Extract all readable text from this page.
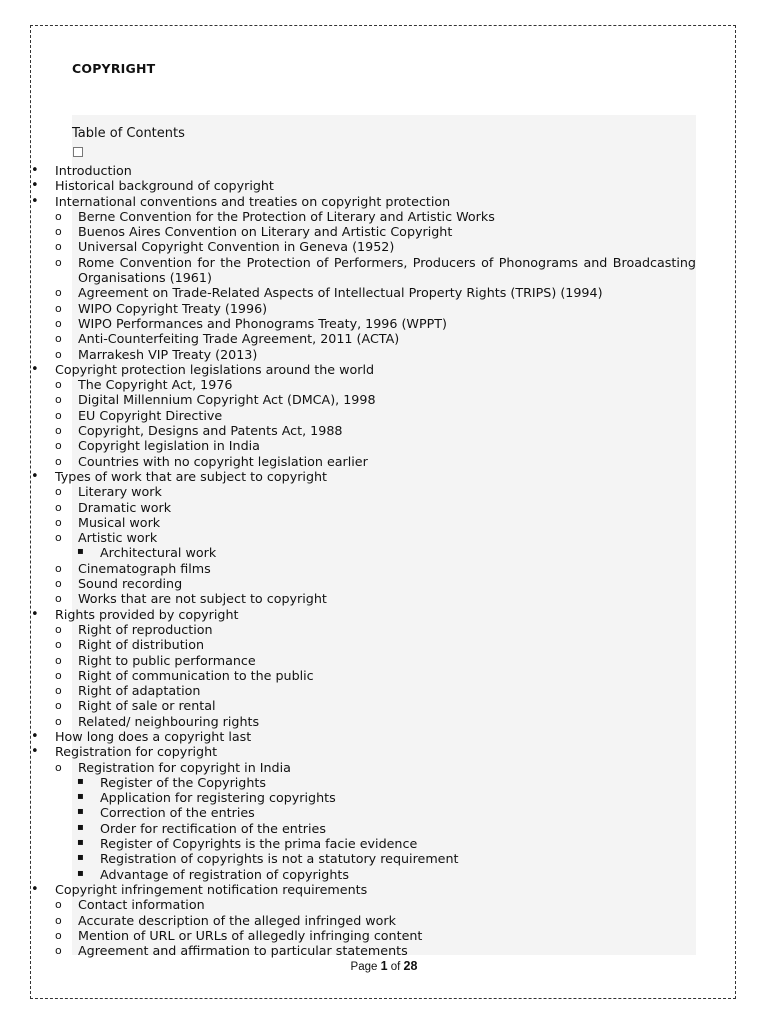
COPYRIGHT
Table of Contents
• Introduction
• Historical background of copyright
• International conventions and treaties on copyright protection
o Berne Convention for the Protection of Literary and Artistic Works
o Buenos Aires Convention on Literary and Artistic Copyright
o Universal Copyright Convention in Geneva (1952)
o Rome Convention for the Protection of Performers, Producers of Phonograms and Broadcasting Organisations (1961)
o Agreement on Trade-Related Aspects of Intellectual Property Rights (TRIPS) (1994)
o WIPO Copyright Treaty (1996)
o WIPO Performances and Phonograms Treaty, 1996 (WPPT)
o Anti-Counterfeiting Trade Agreement, 2011 (ACTA)
o Marrakesh VIP Treaty (2013)
• Copyright protection legislations around the world
o The Copyright Act, 1976
o Digital Millennium Copyright Act (DMCA), 1998
o EU Copyright Directive
o Copyright, Designs and Patents Act, 1988
o Copyright legislation in India
o Countries with no copyright legislation earlier
• Types of work that are subject to copyright
o Literary work
o Dramatic work
o Musical work
o Artistic work
▪ Architectural work
o Cinematograph films
o Sound recording
o Works that are not subject to copyright
• Rights provided by copyright
o Right of reproduction
o Right of distribution
o Right to public performance
o Right of communication to the public
o Right of adaptation
o Right of sale or rental
o Related/ neighbouring rights
• How long does a copyright last
• Registration for copyright
o Registration for copyright in India
▪ Register of the Copyrights
▪ Application for registering copyrights
▪ Correction of the entries
▪ Order for rectification of the entries
▪ Register of Copyrights is the prima facie evidence
▪ Registration of copyrights is not a statutory requirement
▪ Advantage of registration of copyrights
• Copyright infringement notification requirements
o Contact information
o Accurate description of the alleged infringed work
o Mention of URL or URLs of allegedly infringing content
o Agreement and affirmation to particular statements
Page 1 of 28
